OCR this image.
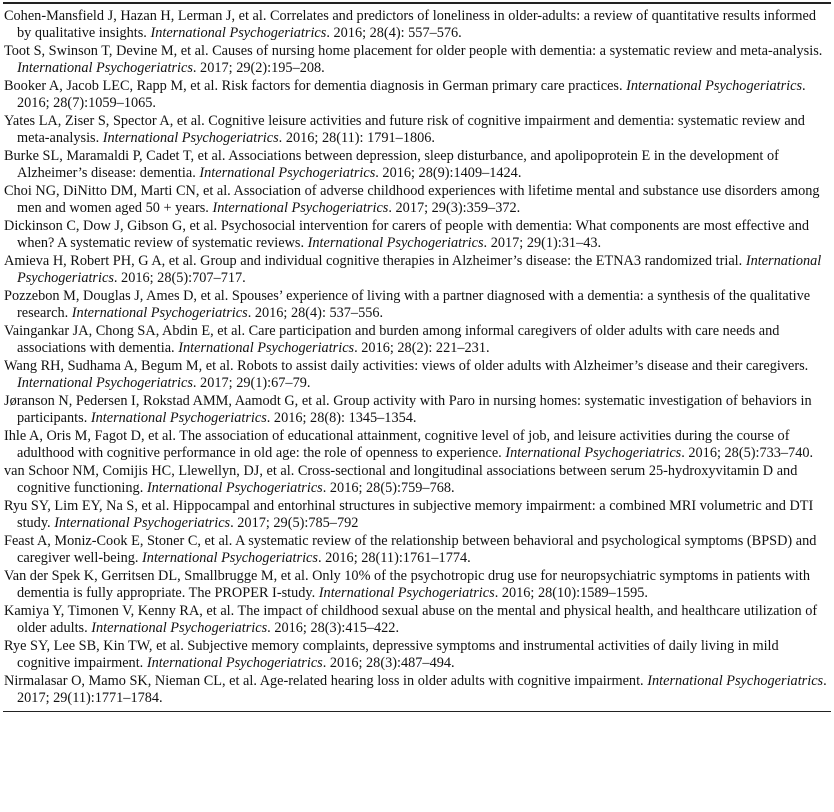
Cohen-Mansfield J, Hazan H, Lerman J, et al. Correlates and predictors of loneliness in older-adults: a review of quantitative results informed by qualitative insights. International Psychogeriatrics. 2016; 28(4): 557–576.
Toot S, Swinson T, Devine M, et al. Causes of nursing home placement for older people with dementia: a systematic review and meta-analysis. International Psychogeriatrics. 2017; 29(2):195–208.
Booker A, Jacob LEC, Rapp M, et al. Risk factors for dementia diagnosis in German primary care practices. International Psychogeriatrics. 2016; 28(7):1059–1065.
Yates LA, Ziser S, Spector A, et al. Cognitive leisure activities and future risk of cognitive impairment and dementia: systematic review and meta-analysis. International Psychogeriatrics. 2016; 28(11): 1791–1806.
Burke SL, Maramaldi P, Cadet T, et al. Associations between depression, sleep disturbance, and apolipoprotein E in the development of Alzheimer’s disease: dementia. International Psychogeriatrics. 2016; 28(9):1409–1424.
Choi NG, DiNitto DM, Marti CN, et al. Association of adverse childhood experiences with lifetime mental and substance use disorders among men and women aged 50 + years. International Psychogeriatrics. 2017; 29(3):359–372.
Dickinson C, Dow J, Gibson G, et al. Psychosocial intervention for carers of people with dementia: What components are most effective and when? A systematic review of systematic reviews. International Psychogeriatrics. 2017; 29(1):31–43.
Amieva H, Robert PH, G A, et al. Group and individual cognitive therapies in Alzheimer’s disease: the ETNA3 randomized trial. International Psychogeriatrics. 2016; 28(5):707–717.
Pozzebon M, Douglas J, Ames D, et al. Spouses’ experience of living with a partner diagnosed with a dementia: a synthesis of the qualitative research. International Psychogeriatrics. 2016; 28(4): 537–556.
Vaingankar JA, Chong SA, Abdin E, et al. Care participation and burden among informal caregivers of older adults with care needs and associations with dementia. International Psychogeriatrics. 2016; 28(2): 221–231.
Wang RH, Sudhama A, Begum M, et al. Robots to assist daily activities: views of older adults with Alzheimer’s disease and their caregivers. International Psychogeriatrics. 2017; 29(1):67–79.
Jøranson N, Pedersen I, Rokstad AMM, Aamodt G, et al. Group activity with Paro in nursing homes: systematic investigation of behaviors in participants. International Psychogeriatrics. 2016; 28(8): 1345–1354.
Ihle A, Oris M, Fagot D, et al. The association of educational attainment, cognitive level of job, and leisure activities during the course of adulthood with cognitive performance in old age: the role of openness to experience. International Psychogeriatrics. 2016; 28(5):733–740.
van Schoor NM, Comijis HC, Llewellyn, DJ, et al. Cross-sectional and longitudinal associations between serum 25-hydroxyvitamin D and cognitive functioning. International Psychogeriatrics. 2016; 28(5):759–768.
Ryu SY, Lim EY, Na S, et al. Hippocampal and entorhinal structures in subjective memory impairment: a combined MRI volumetric and DTI study. International Psychogeriatrics. 2017; 29(5):785–792
Feast A, Moniz-Cook E, Stoner C, et al. A systematic review of the relationship between behavioral and psychological symptoms (BPSD) and caregiver well-being. International Psychogeriatrics. 2016; 28(11):1761–1774.
Van der Spek K, Gerritsen DL, Smallbrugge M, et al. Only 10% of the psychotropic drug use for neuropsychiatric symptoms in patients with dementia is fully appropriate. The PROPER I-study. International Psychogeriatrics. 2016; 28(10):1589–1595.
Kamiya Y, Timonen V, Kenny RA, et al. The impact of childhood sexual abuse on the mental and physical health, and healthcare utilization of older adults. International Psychogeriatrics. 2016; 28(3):415–422.
Rye SY, Lee SB, Kin TW, et al. Subjective memory complaints, depressive symptoms and instrumental activities of daily living in mild cognitive impairment. International Psychogeriatrics. 2016; 28(3):487–494.
Nirmalasar O, Mamo SK, Nieman CL, et al. Age-related hearing loss in older adults with cognitive impairment. International Psychogeriatrics. 2017; 29(11):1771–1784.
